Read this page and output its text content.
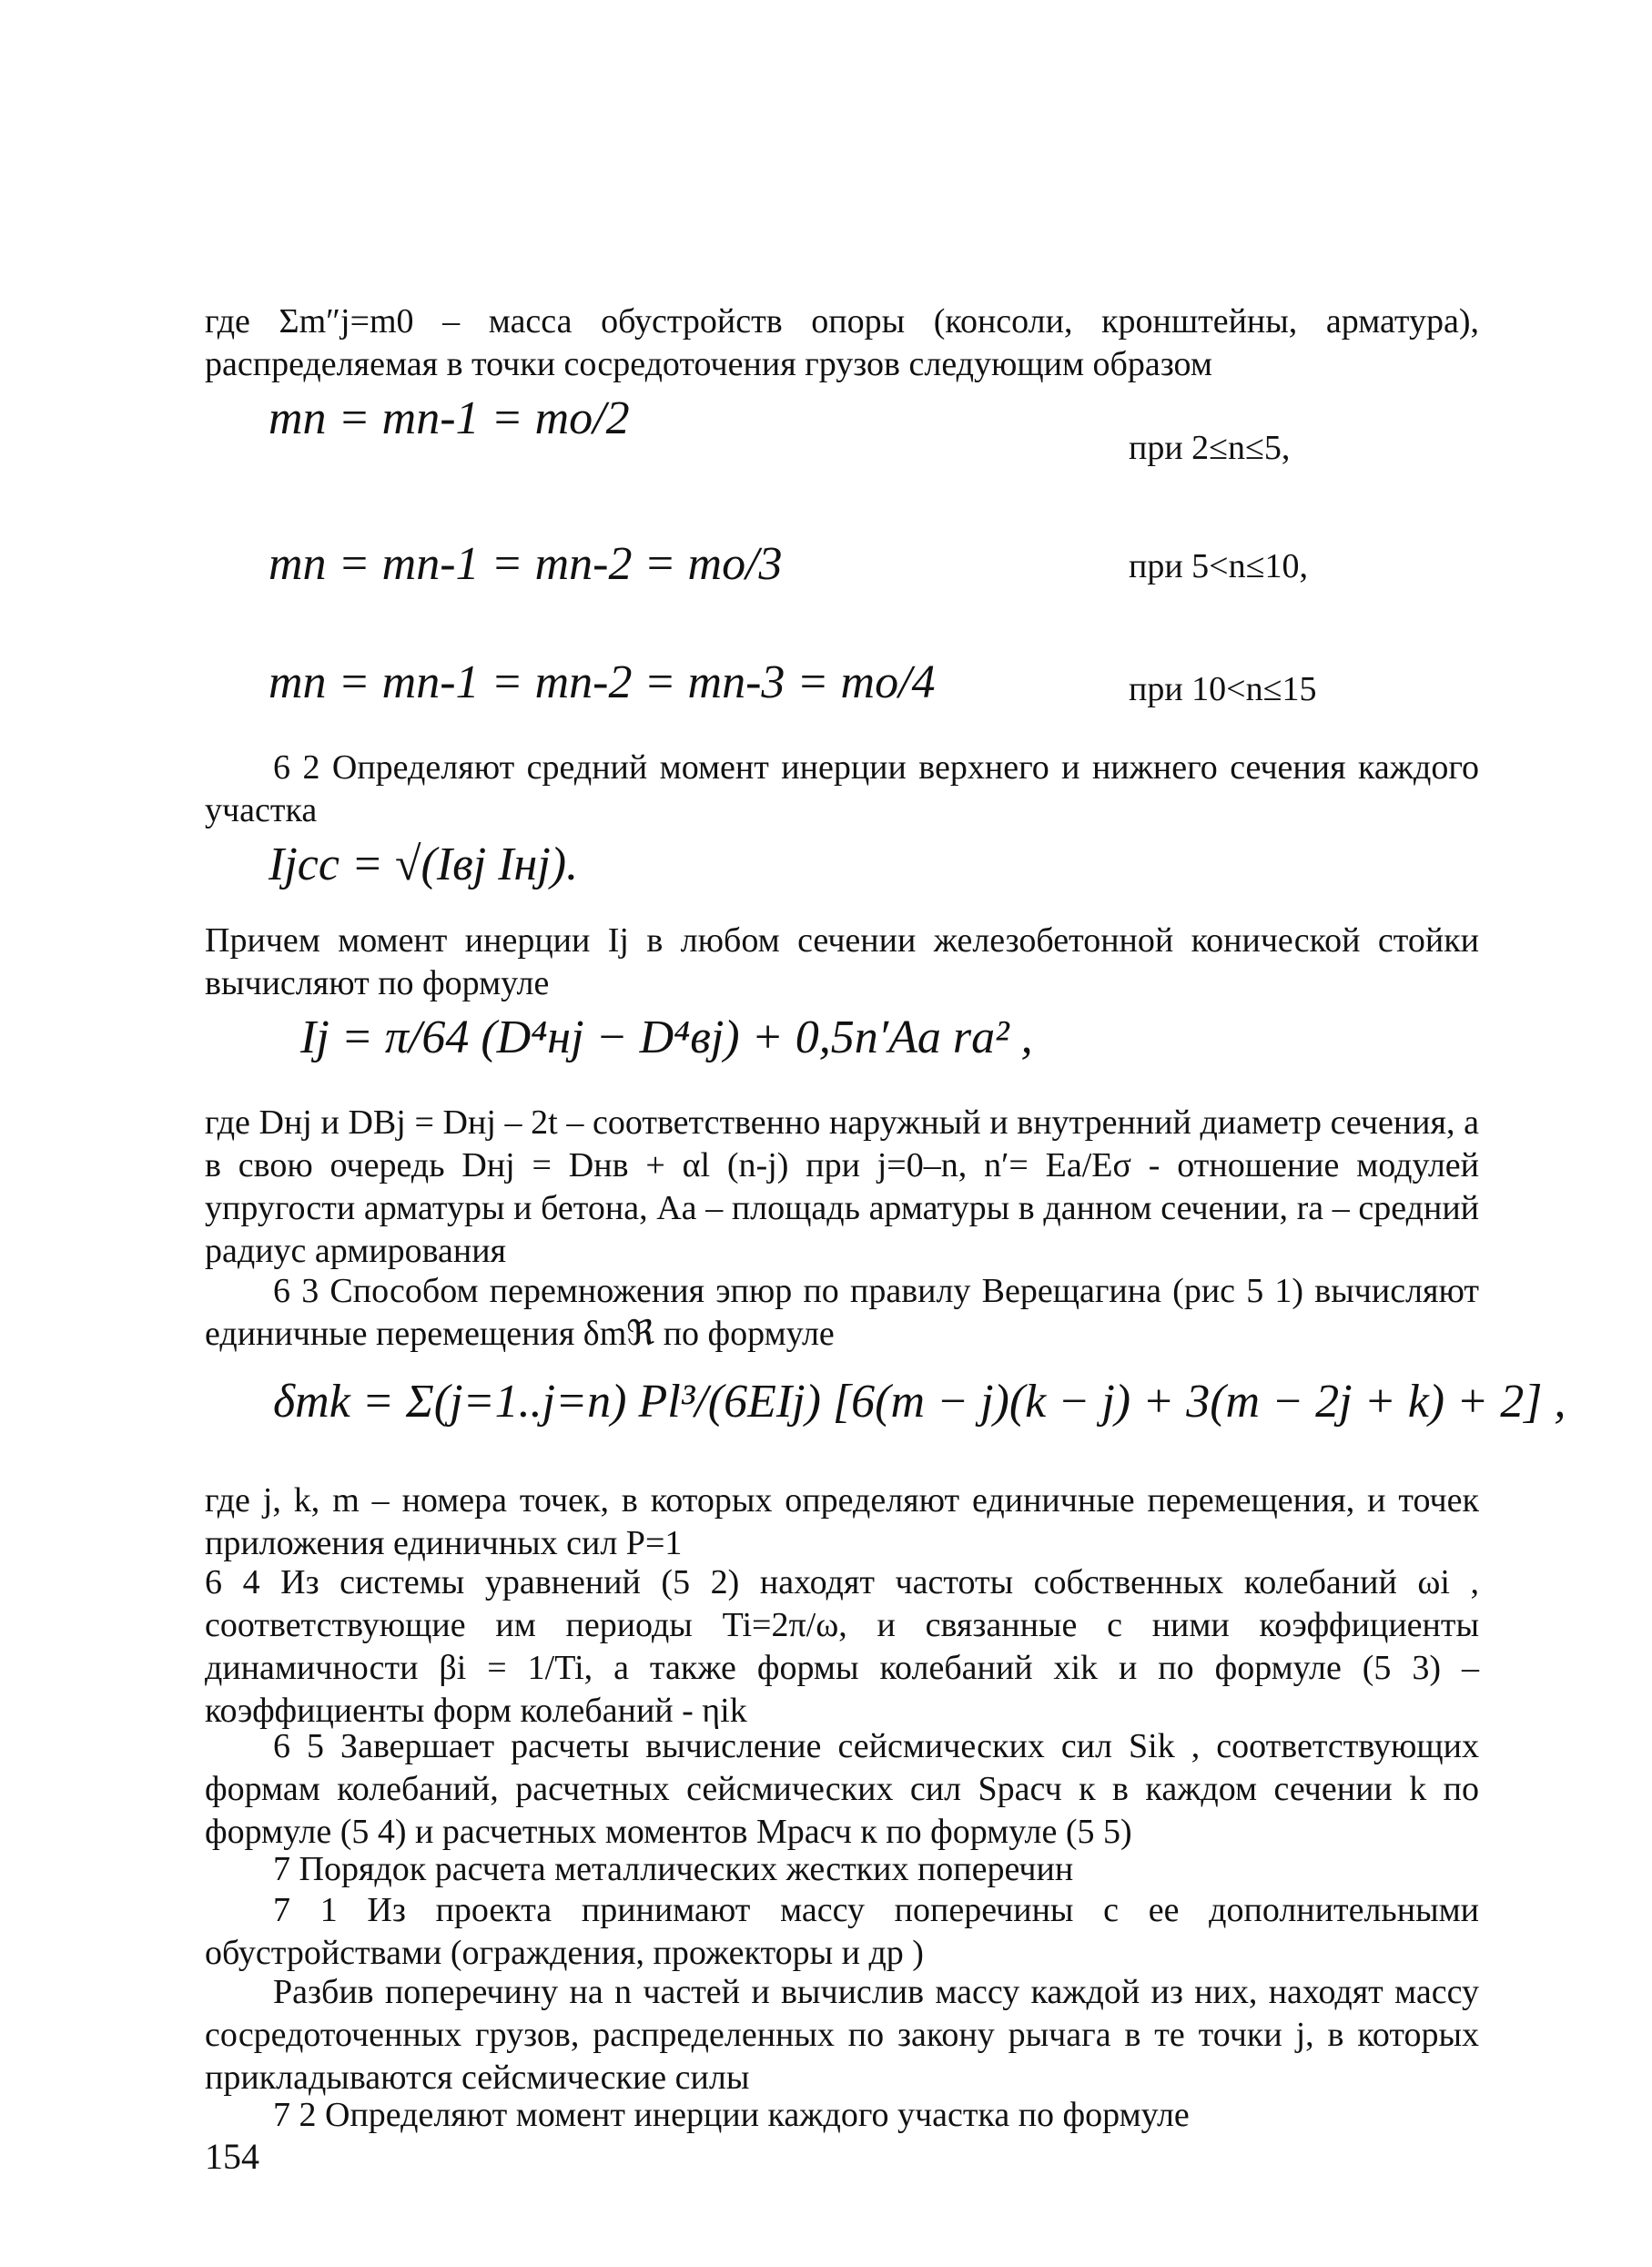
где Σm″j=m0 – масса обустройств опоры (консоли, кронштейны, арматура), распределяемая в точки сосредоточения грузов следующим образом
mn = mn-1 = mo/2
при 2≤n≤5,
mn = mn-1 = mn-2 = mo/3	при 5<n≤10,
mn = mn-1 = mn-2 = mn-3 = mo/4	при 10<n≤15
6 2 Определяют средний момент инерции верхнего и нижнего сечения каждого участка
Ijcc = √(Iвj Iнj).
Причем момент инерции Ij в любом сечении железобетонной конической стойки вычисляют по формуле
Ij = π/64 (D⁴нj − D⁴вj) + 0,5n′Aa ra² ,
где Dнj и DВj = Dнj – 2t – соответственно наружный и внутренний диаметр сечения, а в свою очередь Dнj = Dнв + αl (n-j) при j=0–n, n′= Ea/Eσ - отношение модулей упругости арматуры и бетона, Aa – площадь арматуры в данном сечении, ra – средний радиус армирования
6 3 Способом перемножения эпюр по правилу Верещагина (рис 5 1) вычисляют единичные перемещения δmℜ по формуле
δmk = Σ(j=1..j=n) Pl³/(6EIj) [6(m − j)(k − j) + 3(m − 2j + k) + 2] ,
где j, k, m – номера точек, в которых определяют единичные перемещения, и точек приложения единичных сил P=1
6 4 Из системы уравнений (5 2) находят частоты собственных колебаний ωi , соответствующие им периоды Ti=2π/ω, и связанные с ними коэффициенты динамичности βi = 1/Ti, а также формы колебаний xik и по формуле (5 3) – коэффициенты форм колебаний - ηik
6 5 Завершает расчеты вычисление сейсмических сил Sik , соответствующих формам колебаний, расчетных сейсмических сил Sрасч к в каждом сечении k по формуле (5 4) и расчетных моментов Мрасч к по формуле (5 5)
7 Порядок расчета металлических жестких поперечин
7 1 Из проекта принимают массу поперечины с ее дополнительными обустройствами (ограждения, прожекторы и др )
Разбив поперечину на n частей и вычислив массу каждой из них, находят массу сосредоточенных грузов, распределенных по закону рычага в те точки j, в которых прикладываются сейсмические силы
7 2 Определяют момент инерции каждого участка по формуле
154
